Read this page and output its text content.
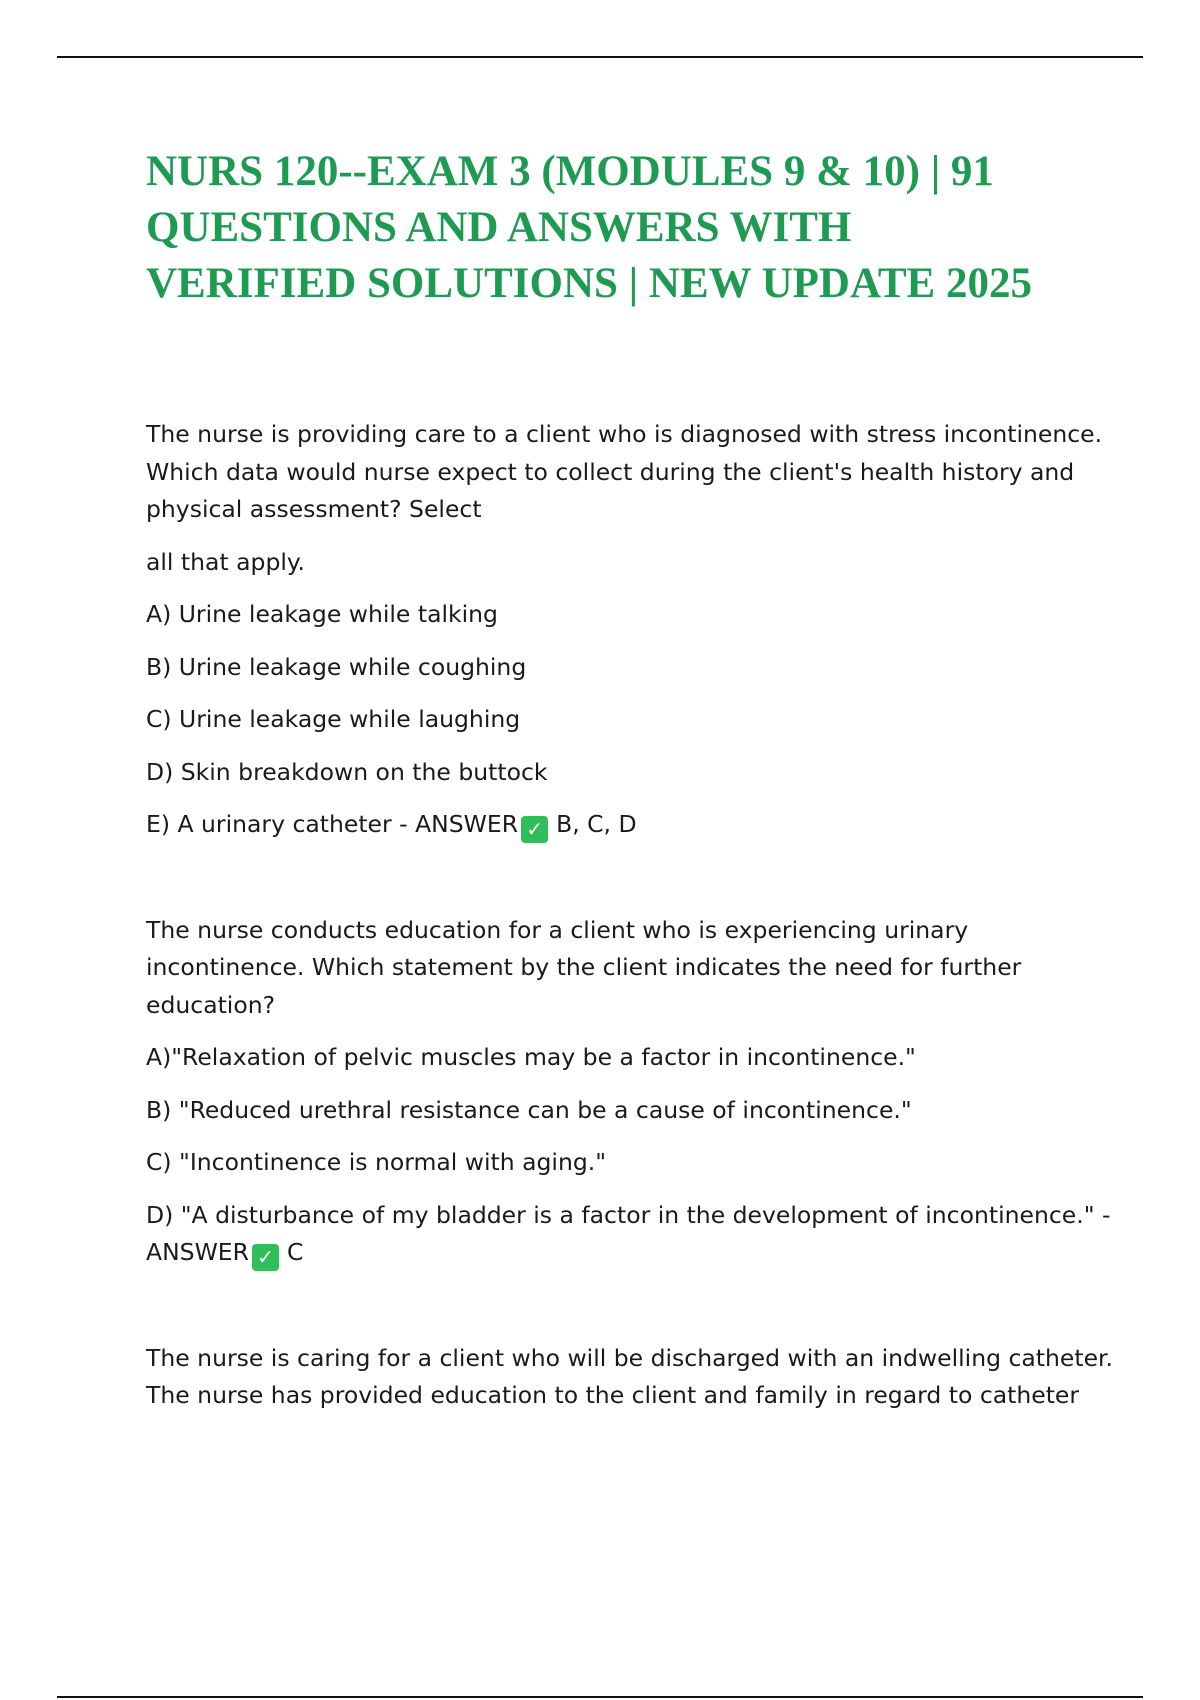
NURS 120--EXAM 3 (MODULES 9 & 10) | 91
QUESTIONS AND ANSWERS WITH
VERIFIED SOLUTIONS | NEW UPDATE 2025

The nurse is providing care to a client who is diagnosed with stress incontinence.
Which data would nurse expect to collect during the client's health history and
physical assessment? Select

all that apply.

A) Urine leakage while talking

B) Urine leakage while coughing

C) Urine leakage while laughing

D) Skin breakdown on the buttock

E) A urinary catheter - ANSWER ✓ B, C, D

The nurse conducts education for a client who is experiencing urinary
incontinence. Which statement by the client indicates the need for further
education?

A)"Relaxation of pelvic muscles may be a factor in incontinence."

B) "Reduced urethral resistance can be a cause of incontinence."

C) "Incontinence is normal with aging."

D) "A disturbance of my bladder is a factor in the development of incontinence." -

ANSWER ✓ C

The nurse is caring for a client who will be discharged with an indwelling catheter.
The nurse has provided education to the client and family in regard to catheter
